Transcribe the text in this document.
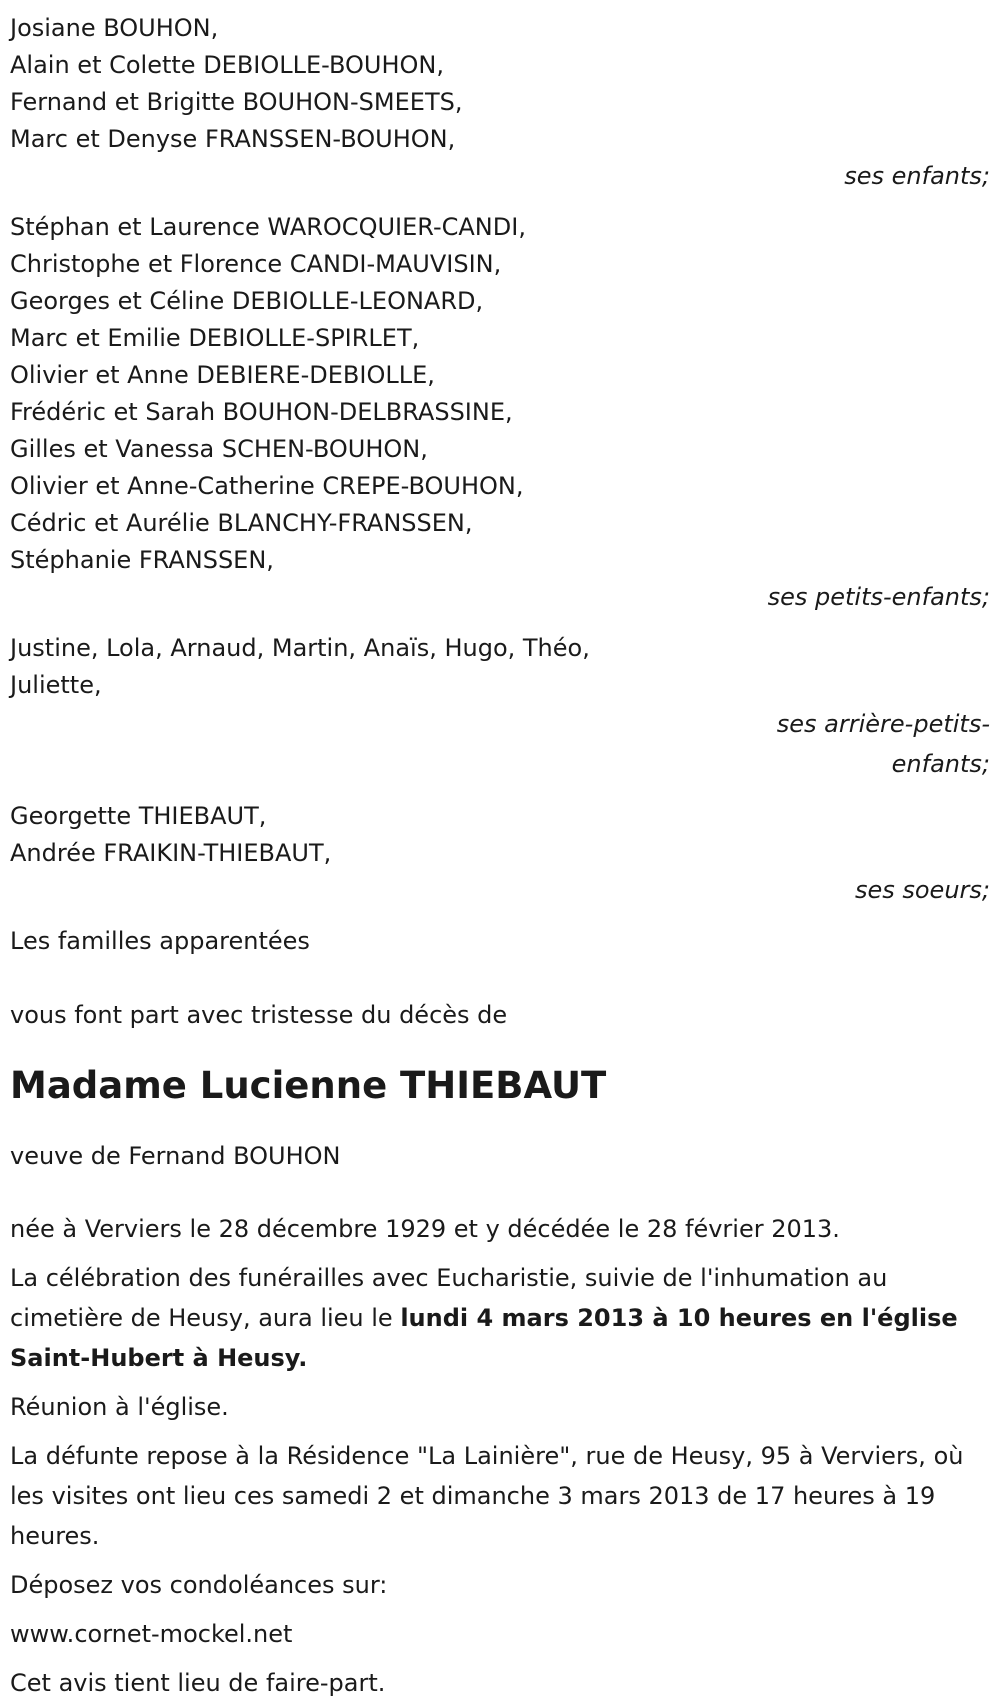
Josiane BOUHON,
Alain et Colette DEBIOLLE-BOUHON,
Fernand et Brigitte BOUHON-SMEETS,
Marc et Denyse FRANSSEN-BOUHON,
ses enfants;
Stéphan et Laurence WAROCQUIER-CANDI,
Christophe et Florence CANDI-MAUVISIN,
Georges et Céline DEBIOLLE-LEONARD,
Marc et Emilie DEBIOLLE-SPIRLET,
Olivier et Anne DEBIERE-DEBIOLLE,
Frédéric et Sarah BOUHON-DELBRASSINE,
Gilles et Vanessa SCHEN-BOUHON,
Olivier et Anne-Catherine CREPE-BOUHON,
Cédric et Aurélie BLANCHY-FRANSSEN,
Stéphanie FRANSSEN,
ses petits-enfants;
Justine, Lola, Arnaud, Martin, Anaïs, Hugo, Théo,
Juliette,
ses arrière-petits-
enfants;
Georgette THIEBAUT,
Andrée FRAIKIN-THIEBAUT,
ses soeurs;
Les familles apparentées
vous font part avec tristesse du décès de
Madame Lucienne THIEBAUT
veuve de Fernand BOUHON

née à Verviers le 28 décembre 1929 et y décédée le 28 février 2013.

La célébration des funérailles avec Eucharistie, suivie de l'inhumation au cimetière de Heusy, aura lieu le lundi 4 mars 2013 à 10 heures en l'église Saint-Hubert à Heusy.

Réunion à l'église.

La défunte repose à la Résidence "La Lainière", rue de Heusy, 95 à Verviers, où les visites ont lieu ces samedi 2 et dimanche 3 mars 2013 de 17 heures à 19 heures.

Déposez vos condoléances sur:

www.cornet-mockel.net

Cet avis tient lieu de faire-part.
